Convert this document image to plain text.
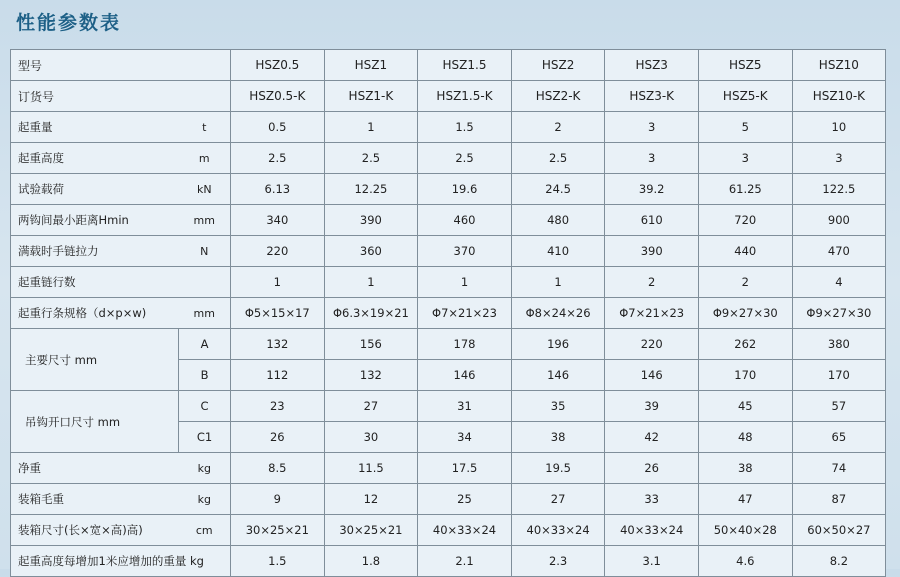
性能参数表
型号		HSZ0.5	HSZ1	HSZ1.5	HSZ2	HSZ3	HSZ5	HSZ10
订货号		HSZ0.5-K	HSZ1-K	HSZ1.5-K	HSZ2-K	HSZ3-K	HSZ5-K	HSZ10-K
起重量	t	0.5	1	1.5	2	3	5	10
起重高度	m	2.5	2.5	2.5	2.5	3	3	3
试验载荷	kN	6.13	12.25	19.6	24.5	39.2	61.25	122.5
两钩间最小距离Hmin	mm	340	390	460	480	610	720	900
满载时手链拉力	N	220	360	370	410	390	440	470
起重链行数		1	1	1	1	2	2	4
起重行条规格（d×p×w)	mm	Φ5×15×17	Φ6.3×19×21	Φ7×21×23	Φ8×24×26	Φ7×21×23	Φ9×27×30	Φ9×27×30
主要尺寸 mm	A	132	156	178	196	220	262	380
	B	112	132	146	146	146	170	170
吊钩开口尺寸 mm	C	23	27	31	35	39	45	57
	C1	26	30	34	38	42	48	65
净重	kg	8.5	11.5	17.5	19.5	26	38	74
装箱毛重	kg	9	12	25	27	33	47	87
装箱尺寸(长×宽×高)高)	cm	30×25×21	30×25×21	40×33×24	40×33×24	40×33×24	50×40×28	60×50×27
起重高度每增加1米应增加的重量 kg		1.5	1.8	2.1	2.3	3.1	4.6	8.2
